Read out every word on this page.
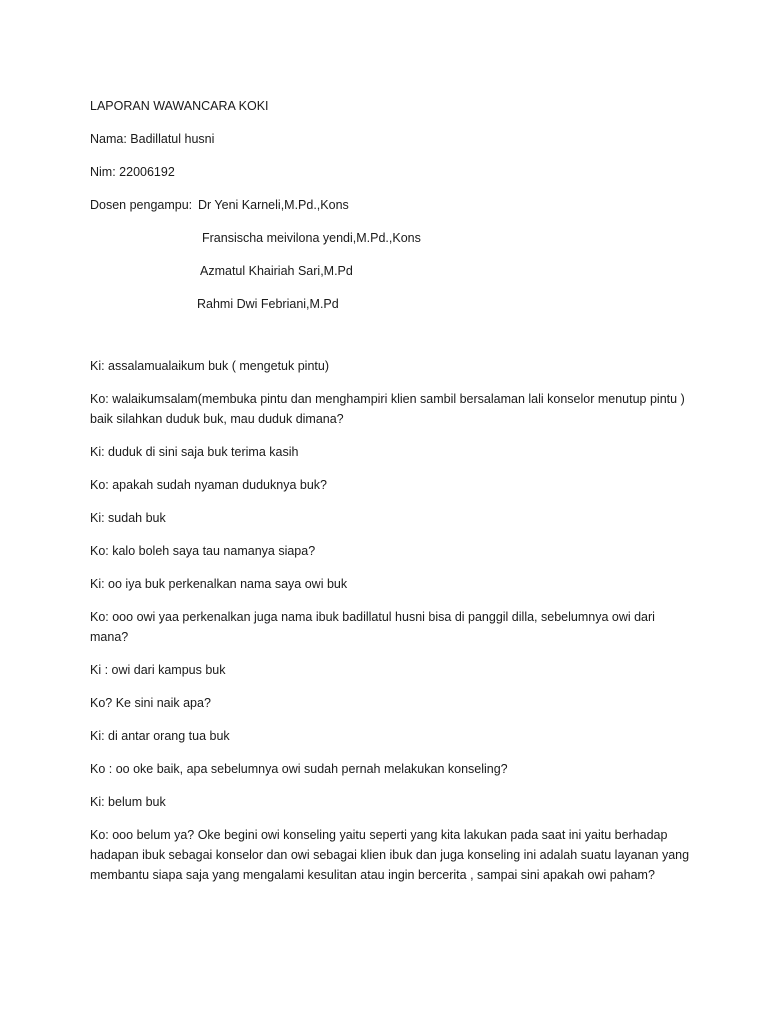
LAPORAN WAWANCARA KOKI

Nama: Badillatul husni

Nim: 22006192

Dosen pengampu: Dr Yeni Karneli,M.Pd.,Kons

Fransischa meivilona yendi,M.Pd.,Kons

Azmatul Khairiah Sari,M.Pd

Rahmi Dwi Febriani,M.Pd

Ki: assalamualaikum buk ( mengetuk pintu)

Ko: walaikumsalam(membuka pintu dan menghampiri klien sambil bersalaman lali konselor menutup pintu ) baik silahkan duduk buk, mau duduk dimana?

Ki: duduk di sini saja buk terima kasih

Ko: apakah sudah nyaman duduknya buk?

Ki: sudah buk

Ko: kalo boleh saya tau namanya siapa?

Ki: oo iya buk perkenalkan nama saya owi buk

Ko: ooo owi yaa perkenalkan juga nama ibuk badillatul husni bisa di panggil dilla, sebelumnya owi dari mana?

Ki : owi dari kampus buk

Ko? Ke sini naik apa?

Ki: di antar orang tua buk

Ko : oo oke baik, apa sebelumnya owi sudah pernah melakukan konseling?

Ki: belum buk

Ko: ooo belum ya? Oke begini owi konseling yaitu seperti yang kita lakukan pada saat ini yaitu berhadap hadapan ibuk sebagai konselor dan owi sebagai klien ibuk dan juga konseling ini adalah suatu layanan yang membantu siapa saja yang mengalami kesulitan atau ingin bercerita , sampai sini apakah owi paham?
